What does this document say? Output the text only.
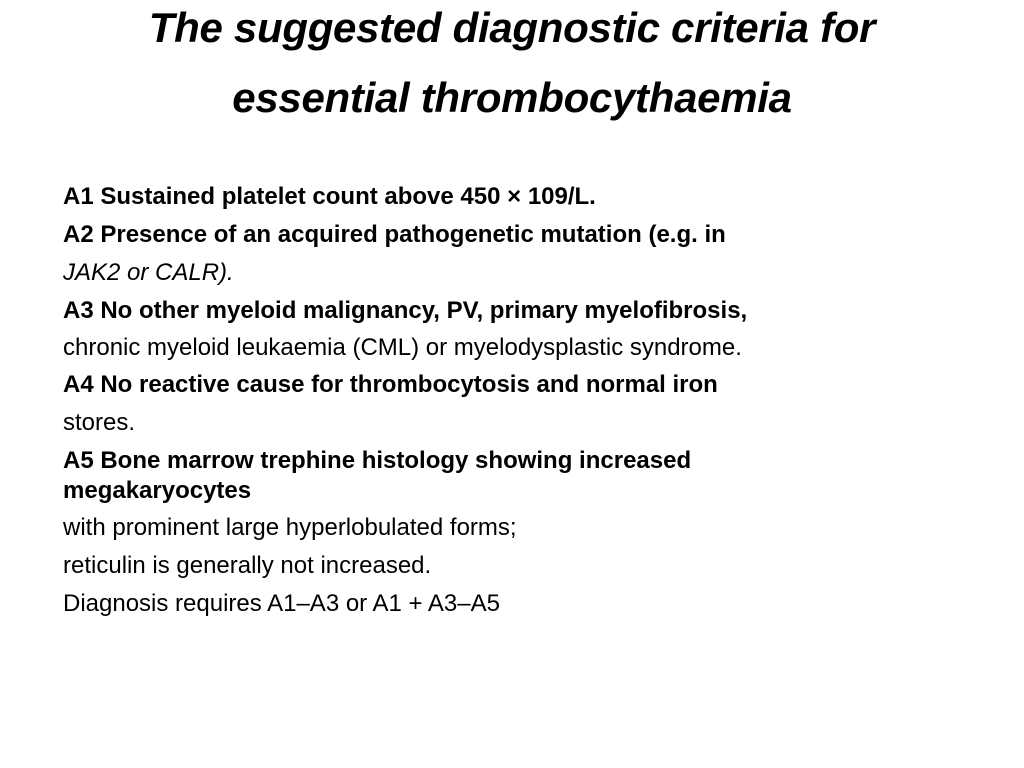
The suggested diagnostic criteria for
essential thrombocythaemia
A1 Sustained platelet count above 450 × 109/L.
A2 Presence of an acquired pathogenetic mutation (e.g. in
JAK2 or CALR).
A3 No other myeloid malignancy, PV, primary myelofibrosis,
chronic myeloid leukaemia (CML) or myelodysplastic syndrome.
A4 No reactive cause for thrombocytosis and normal iron
stores.
A5 Bone marrow trephine histology showing increased
megakaryocytes
with prominent large hyperlobulated forms;
reticulin is generally not increased.
Diagnosis requires A1–A3 or A1 + A3–A5
